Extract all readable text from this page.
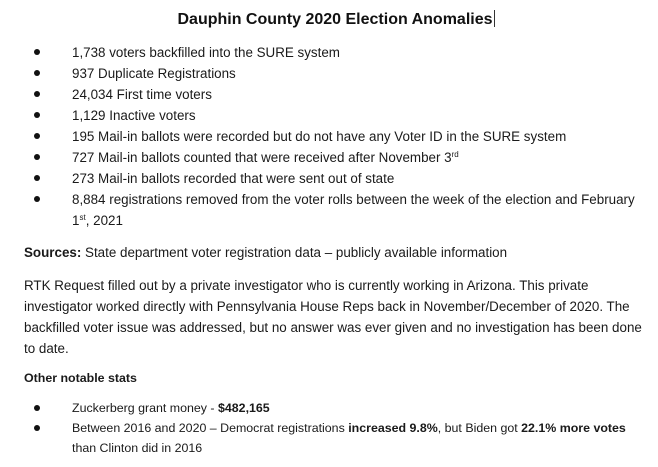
Dauphin County 2020 Election Anomalies
1,738 voters backfilled into the SURE system
937 Duplicate Registrations
24,034 First time voters
1,129 Inactive voters
195 Mail-in ballots were recorded but do not have any Voter ID in the SURE system
727 Mail-in ballots counted that were received after November 3rd
273 Mail-in ballots recorded that were sent out of state
8,884 registrations removed from the voter rolls between the week of the election and February 1st, 2021

Sources: State department voter registration data – publicly available information

RTK Request filled out by a private investigator who is currently working in Arizona. This private investigator worked directly with Pennsylvania House Reps back in November/December of 2020. The backfilled voter issue was addressed, but no answer was ever given and no investigation has been done to date.

Other notable stats

Zuckerberg grant money - $482,165
Between 2016 and 2020 – Democrat registrations increased 9.8%, but Biden got 22.1% more votes than Clinton did in 2016
